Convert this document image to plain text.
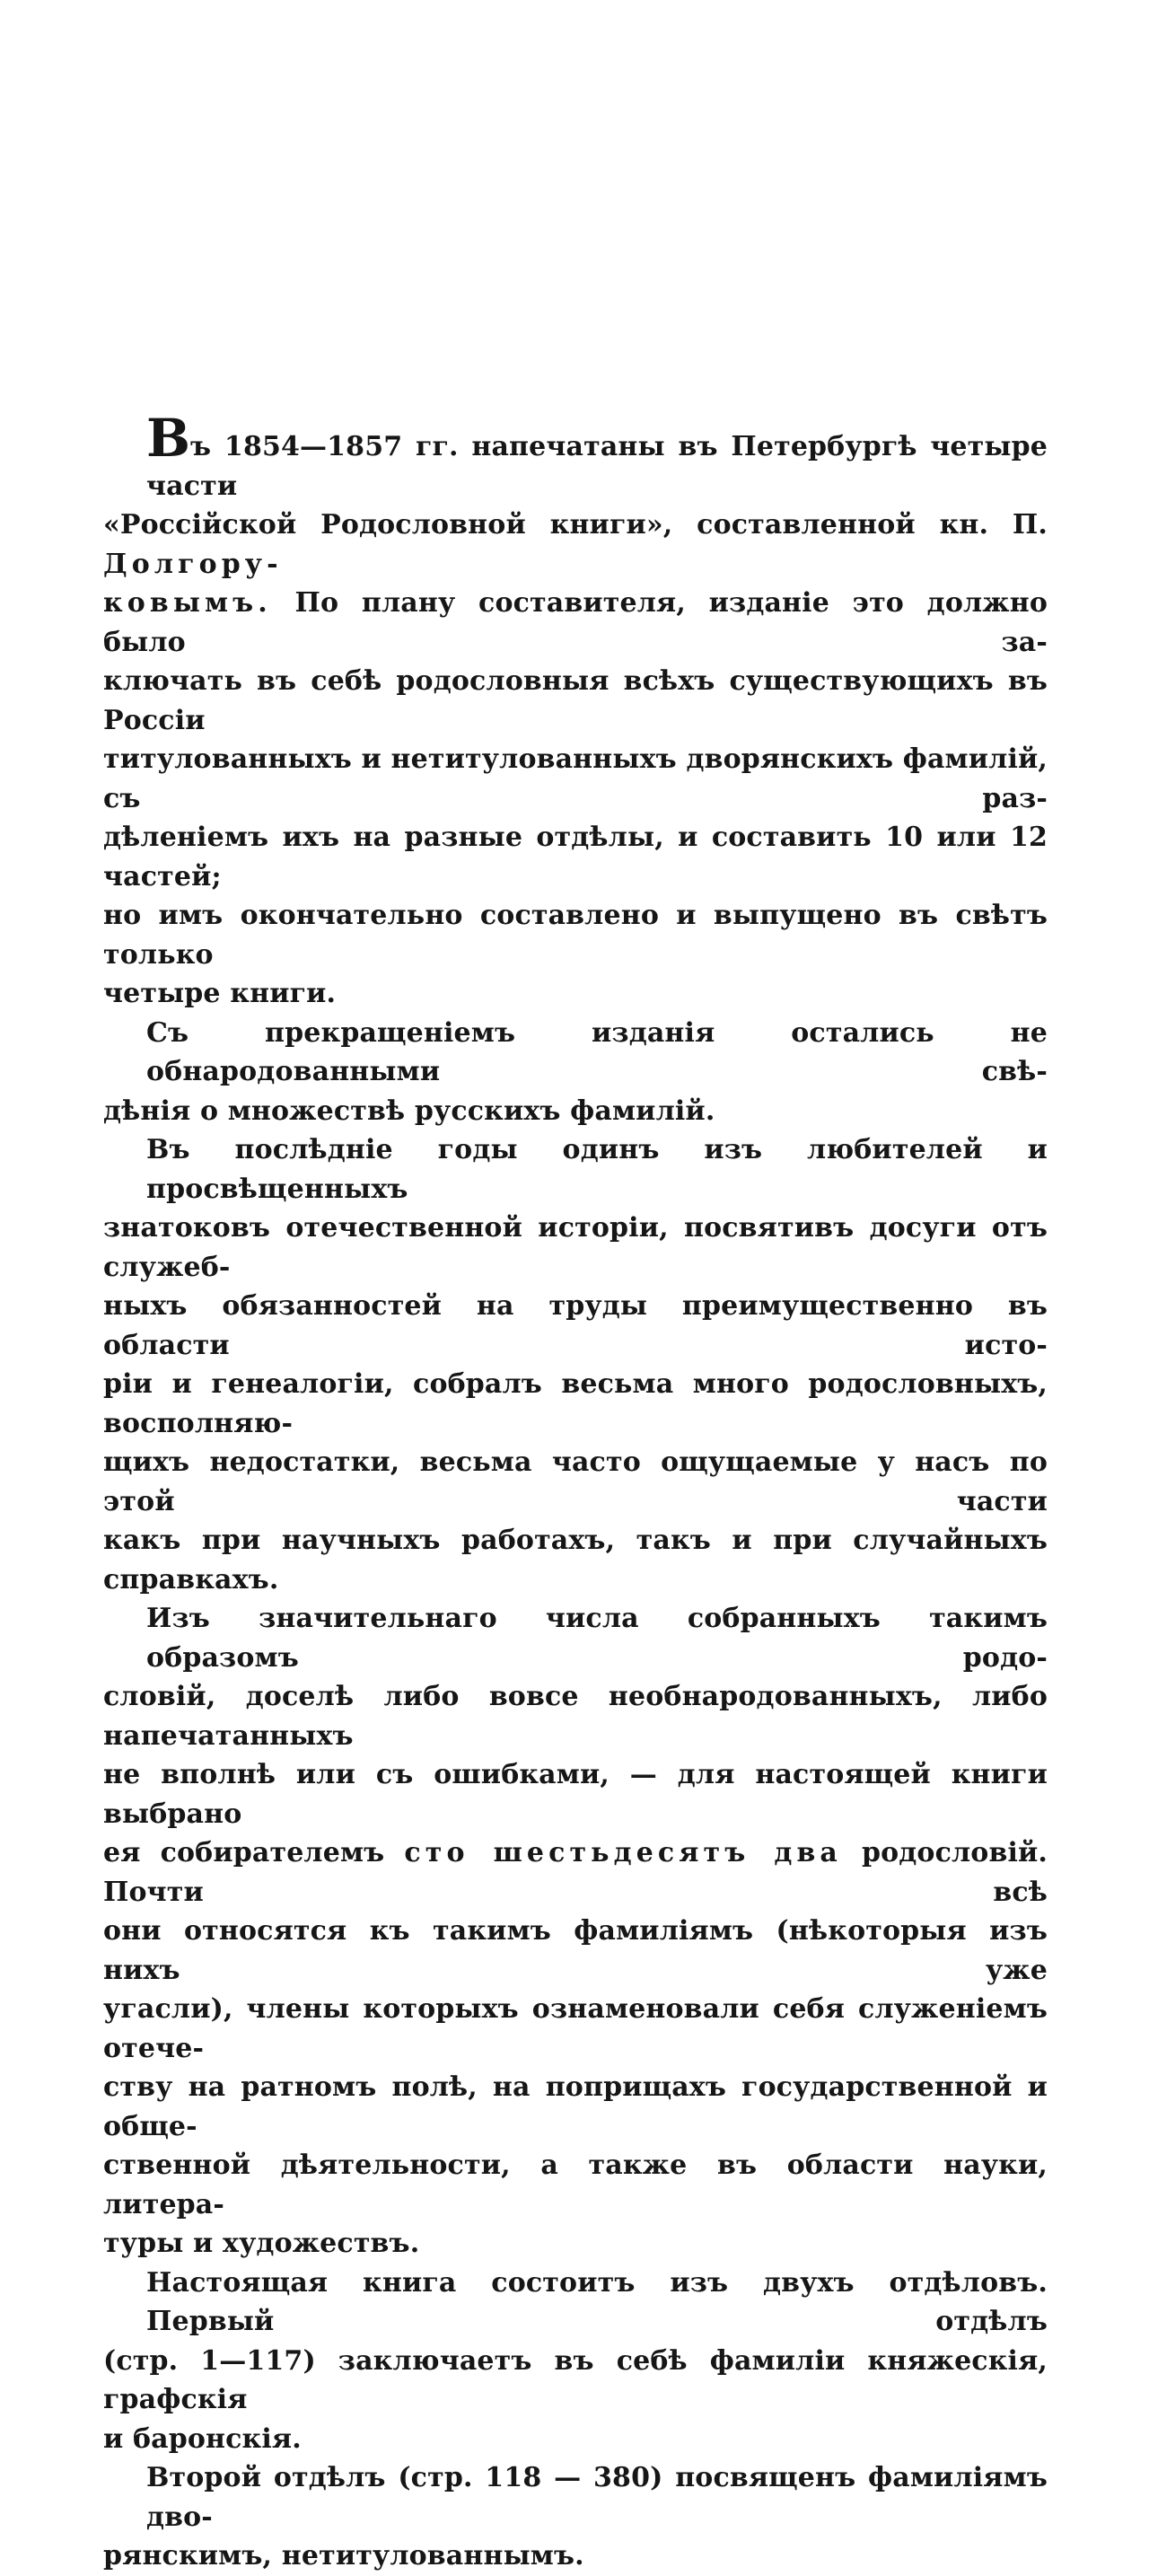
Въ 1854—1857 гг. напечатаны въ Петербургѣ четыре части
«Россійской Родословной книги», составленной кн. П. Долгору-
ковымъ. По плану составителя, изданіе это должно было за-
ключать въ себѣ родословныя всѣхъ существующихъ въ Россіи
титулованныхъ и нетитулованныхъ дворянскихъ фамилій, съ раз-
дѣленіемъ ихъ на разные отдѣлы, и составить 10 или 12 частей;
но имъ окончательно составлено и выпущено въ свѣтъ только
четыре книги.
Съ прекращеніемъ изданія остались не обнародованными свѣ-
дѣнія о множествѣ русскихъ фамилій.
Въ послѣдніе годы одинъ изъ любителей и просвѣщенныхъ
знатоковъ отечественной исторіи, посвятивъ досуги отъ служеб-
ныхъ обязанностей на труды преимущественно въ области исто-
ріи и генеалогіи, собралъ весьма много родословныхъ, восполняю-
щихъ недостатки, весьма часто ощущаемые у насъ по этой части
какъ при научныхъ работахъ, такъ и при случайныхъ справкахъ.
Изъ значительнаго числа собранныхъ такимъ образомъ родо-
словій, доселѣ либо вовсе необнародованныхъ, либо напечатанныхъ
не вполнѣ или съ ошибками, — для настоящей книги выбрано
ея собирателемъ сто шестьдесятъ два родословій. Почти всѣ
они относятся къ такимъ фамиліямъ (нѣкоторыя изъ нихъ уже
угасли), члены которыхъ ознаменовали себя служеніемъ отече-
ству на ратномъ полѣ, на поприщахъ государственной и обще-
ственной дѣятельности, а также въ области науки, литера-
туры и художествъ.
Настоящая книга состоитъ изъ двухъ отдѣловъ. Первый отдѣлъ
(стр. 1—117) заключаетъ въ себѣ фамиліи княжескія, графскія
и баронскія.
Второй отдѣлъ (стр. 118 — 380) посвященъ фамиліямъ дво-
рянскимъ, нетитулованнымъ.
